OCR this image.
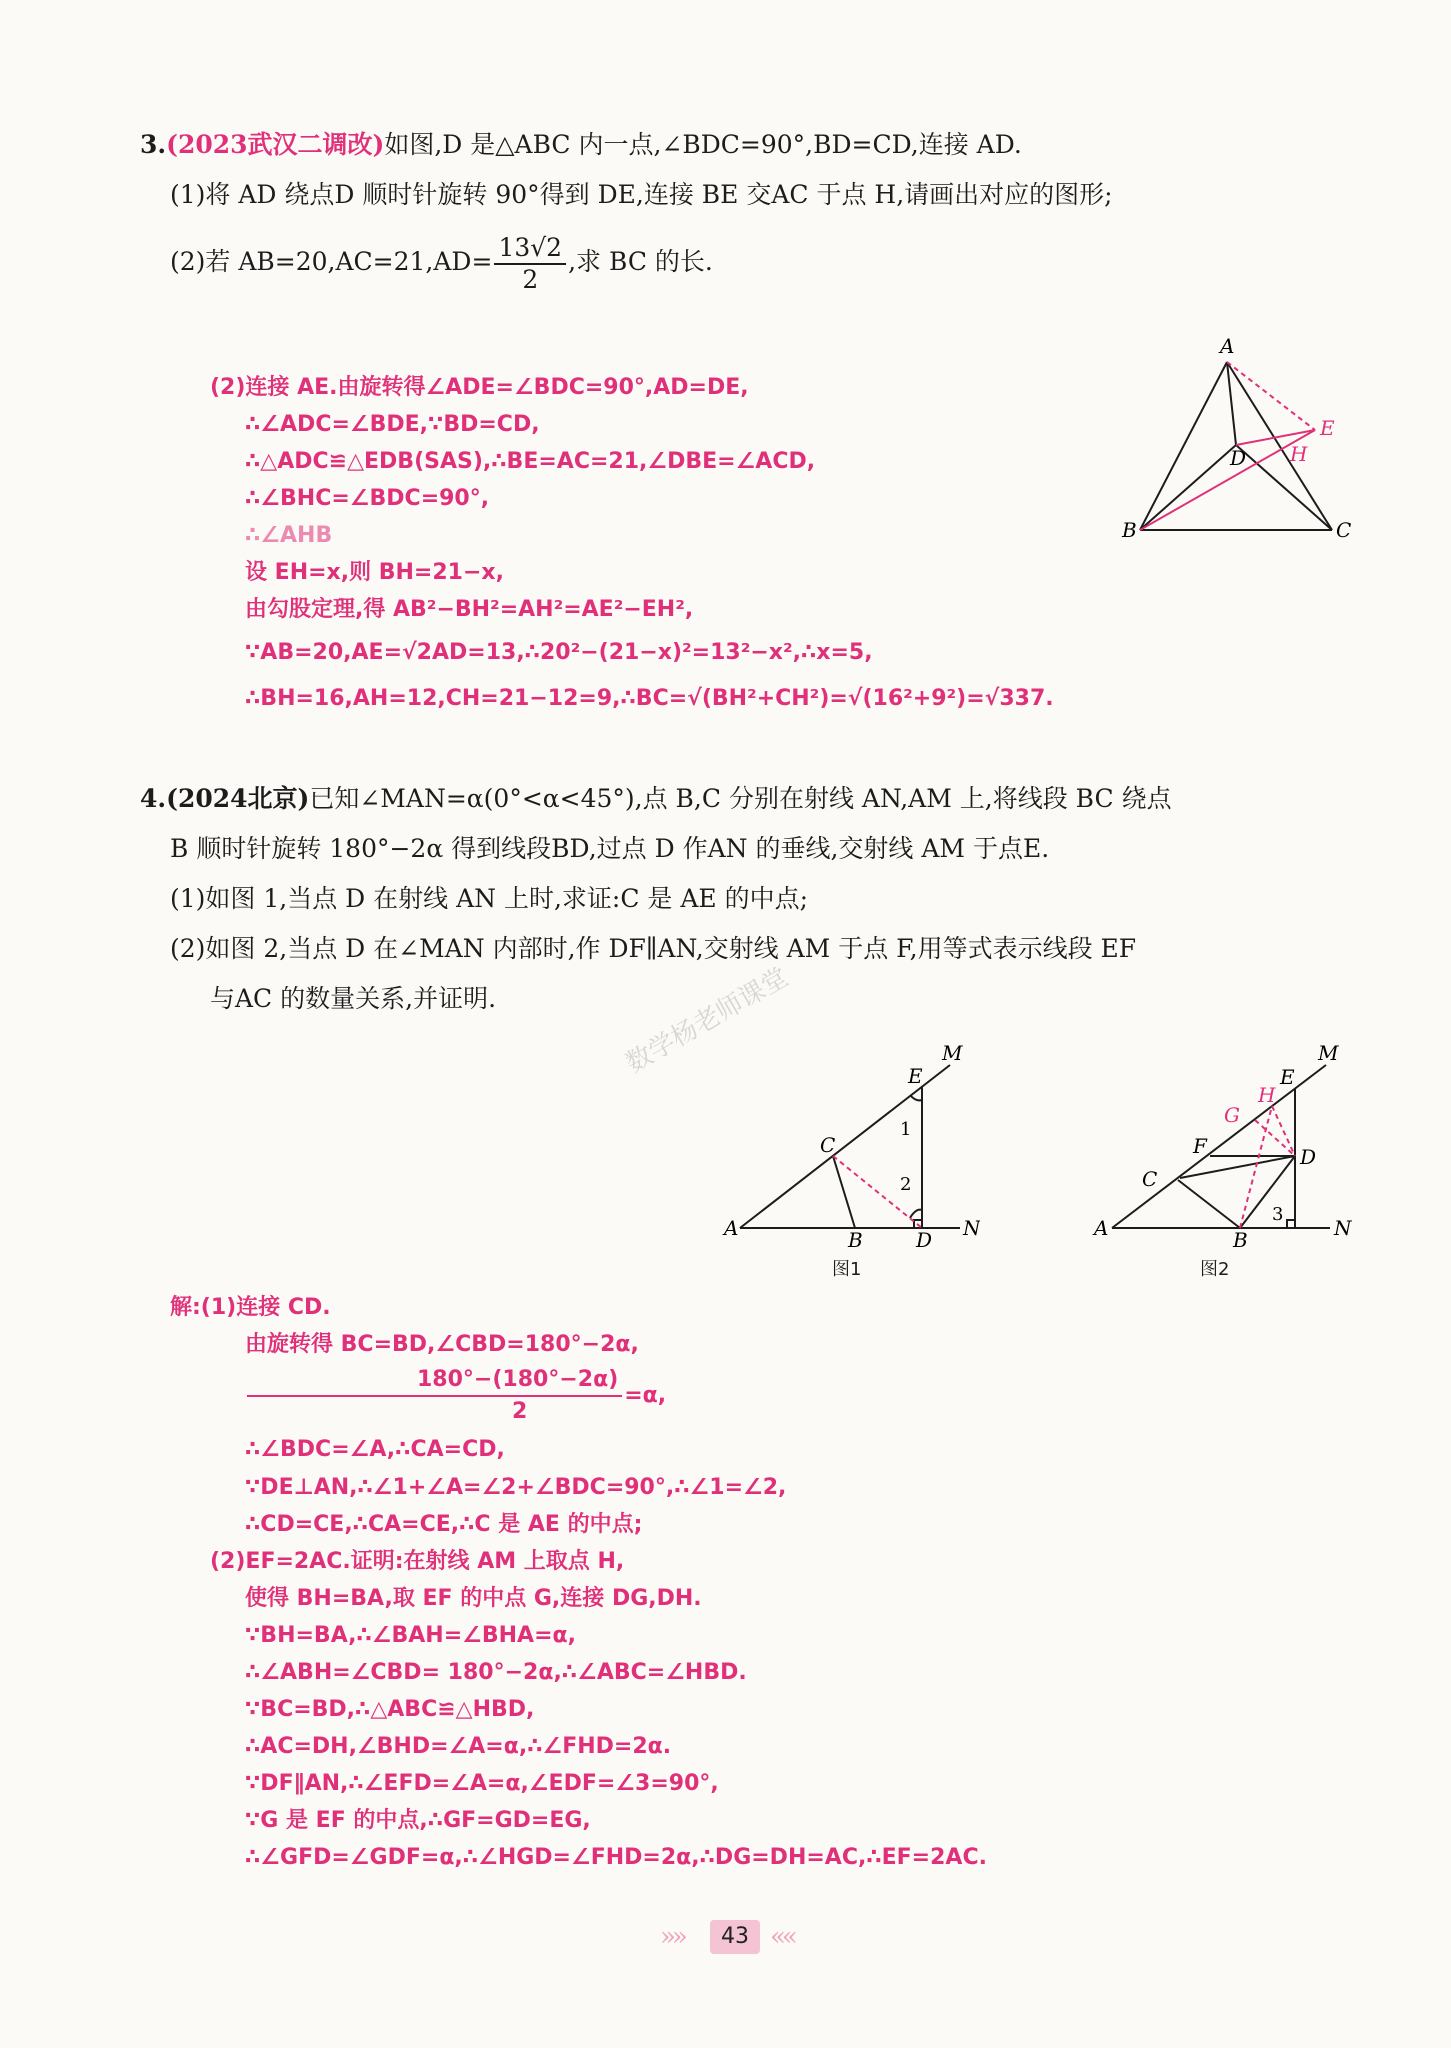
3.(2023武汉二调改)如图,D 是△ABC 内一点,∠BDC=90°,BD=CD,连接 AD.
(1)将 AD 绕点D 顺时针旋转 90°得到 DE,连接 BE 交AC 于点 H,请画出对应的图形;
(2)若 $AB=20,AC=21,AD= \frac{13√2}{2}$ ,求 BC 的长.
(2)连接 AE.由旋转得∠ADE=∠BDC=90°,AD=DE,
∴∠ADC=∠BDE,∵BD=CD,
∴△ADC≌△EDB(SAS),∴BE=AC=21,∠DBE=∠ACD,
∴∠BHC=∠BDC=90°,
∴∠AHB
设 EH=x,则 BH=21−x,
由勾股定理,得 AB²−BH²=AH²=AE²−EH²,
∵AB=20,AE=√2AD=13,∴20²−(21−x)²=13²−x²,∴x=5,
∴BH=16,AH=12,CH=21−12=9,∴BC=√(BH²+CH²)=√(16²+9²)=√337.
A
E
D H
B	C
4.(2024北京)已知∠MAN=α(0°<α<45°),点 B,C 分别在射线 AN,AM 上,将线段 BC 绕点
B 顺时针旋转 180°−2α 得到线段BD,过点 D 作AN 的垂线,交射线 AM 于点E.
(1)如图 1,当点 D 在射线 AN 上时,求证:C 是 AE 的中点;
(2)如图 2,当点 D 在∠MAN 内部时,作 DF∥AN,交射线 AM 于点 F,用等式表示线段 EF
与AC 的数量关系,并证明.	数学杨老师课堂	M
E
1
C
2
A	B	D N
图1
M
E
H
G
F	D
C
3
A	B	N
图2
解:(1)连接 CD.
由旋转得 BC=BD,∠CBD=180°−2α,
$\frac{180^\circ-(180^\circ-2\alpha)}{2} =\alpha$,
∴∠BDC=∠A,∴CA=CD,
∵DE⊥AN,∴∠1+∠A=∠2+∠BDC=90°,∴∠1=∠2,
∴CD=CE,∴CA=CE,∴C 是 AE 的中点;
(2)EF=2AC.证明:在射线 AM 上取点 H,
使得 BH=BA,取 EF 的中点 G,连接 DG,DH.
∵BH=BA,∴∠BAH=∠BHA=α,
∴∠ABH=∠CBD= 180°−2α,∴∠ABC=∠HBD.
∵BC=BD,∴△ABC≌△HBD,
∴AC=DH,∠BHD=∠A=α,∴∠FHD=2α.
∵DF∥AN,∴∠EFD=∠A=α,∠EDF=∠3=90°,
∵G 是 EF 的中点,∴GF=GD=EG,
∴∠GFD=∠GDF=α,∴∠HGD=∠FHD=2α,∴DG=DH=AC,∴EF=2AC.
»»	43 ««
